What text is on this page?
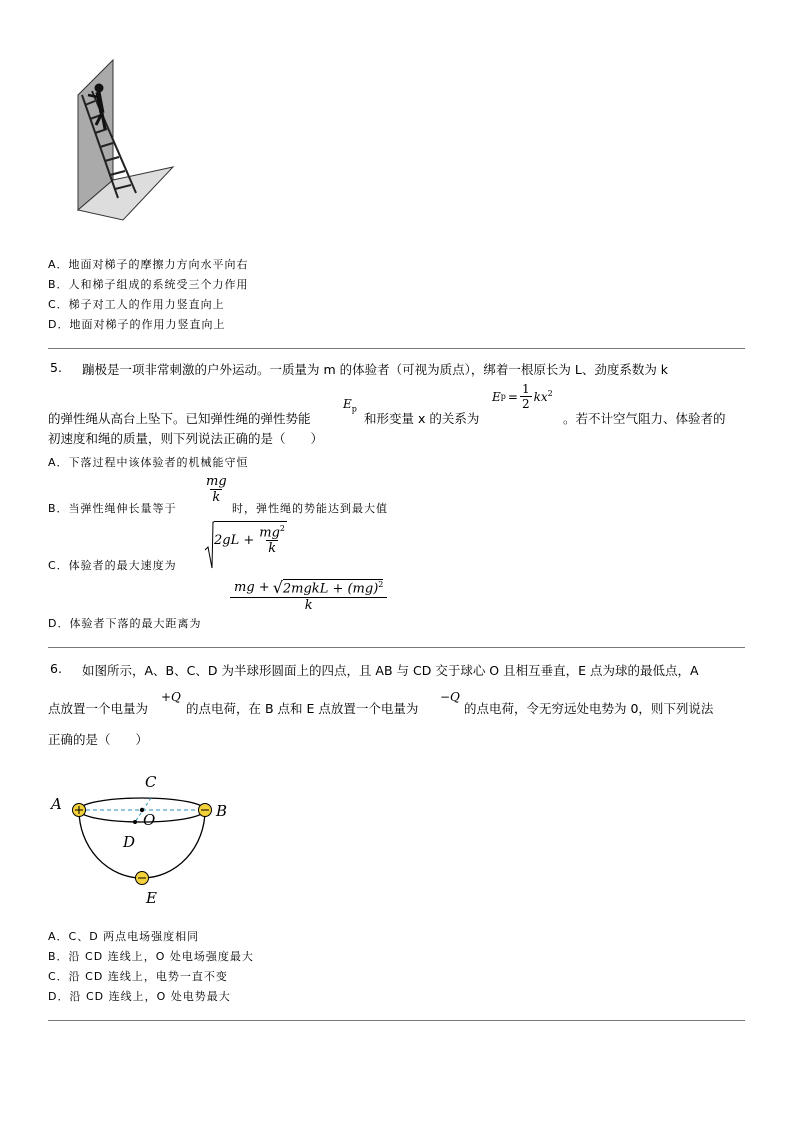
A．地面对梯子的摩擦力方向水平向右
B．人和梯子组成的系统受三个力作用
C．梯子对工人的作用力竖直向上
D．地面对梯子的作用力竖直向上
5. 蹦极是一项非常刺激的户外运动。一质量为 m 的体验者（可视为质点），绑着一根原长为 L、劲度系数为 k
的弹性绳从高台上坠下。已知弹性绳的弹性势能
$E_p$
和形变量 x 的关系为
E $p = \frac{1}{2} kx^2$
。若不计空气阻力、体验者的
初速度和绳的质量，则下列说法正确的是（　　）
A．下落过程中该体验者的机械能守恒
B．当弹性绳伸长量等于
$\frac{mg}{k}$
时，弹性绳的势能达到最大值
C．体验者的最大速度为
$2gL + \frac{mg^2}{k}$
D．体验者下落的最大距离为
mg + √ 2mgkL + (mg)$^2$
k
6. 如图所示，A、B、C、D 为半球形圆面上的四点，且 AB 与 CD 交于球心 O 且相互垂直，E 点为球的最低点，A
点放置一个电量为
+Q
的点电荷，在 B 点和 E 点放置一个电量为
−Q
的点电荷，令无穷远处电势为 0，则下列说法
正确的是（　　）
A	B
C
O
D
E
A．C、D 两点电场强度相同
B．沿 CD 连线上，O 处电场强度最大
C．沿 CD 连线上，电势一直不变
D．沿 CD 连线上，O 处电势最大
